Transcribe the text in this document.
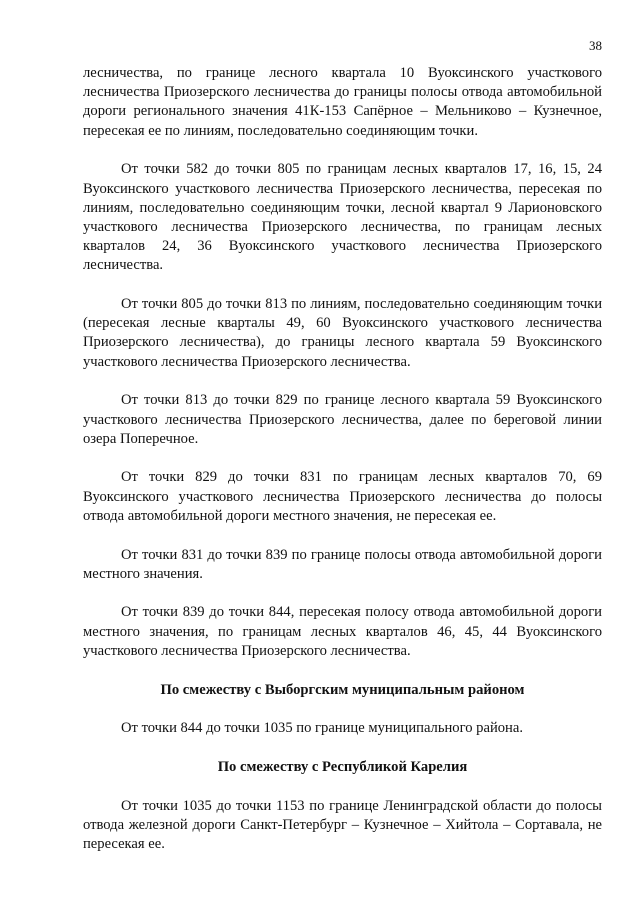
38

лесничества, по границе лесного квартала 10 Вуоксинского участкового лесничества Приозерского лесничества до границы полосы отвода автомобильной дороги регионального значения 41К-153 Сапёрное – Мельниково – Кузнечное, пересекая ее по линиям, последовательно соединяющим точки.

От точки 582 до точки 805 по границам лесных кварталов 17, 16, 15, 24 Вуоксинского участкового лесничества Приозерского лесничества, пересекая по линиям, последовательно соединяющим точки, лесной квартал 9 Ларионовского участкового лесничества Приозерского лесничества, по границам лесных кварталов 24, 36 Вуоксинского участкового лесничества Приозерского лесничества.

От точки 805 до точки 813 по линиям, последовательно соединяющим точки (пересекая лесные кварталы 49, 60 Вуоксинского участкового лесничества Приозерского лесничества), до границы лесного квартала 59 Вуоксинского участкового лесничества Приозерского лесничества.

От точки 813 до точки 829 по границе лесного квартала 59 Вуоксинского участкового лесничества Приозерского лесничества, далее по береговой линии озера Поперечное.

От точки 829 до точки 831 по границам лесных кварталов 70, 69 Вуоксинского участкового лесничества Приозерского лесничества до полосы отвода автомобильной дороги местного значения, не пересекая ее.

От точки 831 до точки 839 по границе полосы отвода автомобильной дороги местного значения.

От точки 839 до точки 844, пересекая полосу отвода автомобильной дороги местного значения, по границам лесных кварталов 46, 45, 44 Вуоксинского участкового лесничества Приозерского лесничества.

По смежеству с Выборгским муниципальным районом

От точки 844 до точки 1035 по границе муниципального района.

По смежеству с Республикой Карелия

От точки 1035 до точки 1153 по границе Ленинградской области до полосы отвода железной дороги Санкт-Петербург – Кузнечное – Хийтола – Сортавала, не пересекая ее.
